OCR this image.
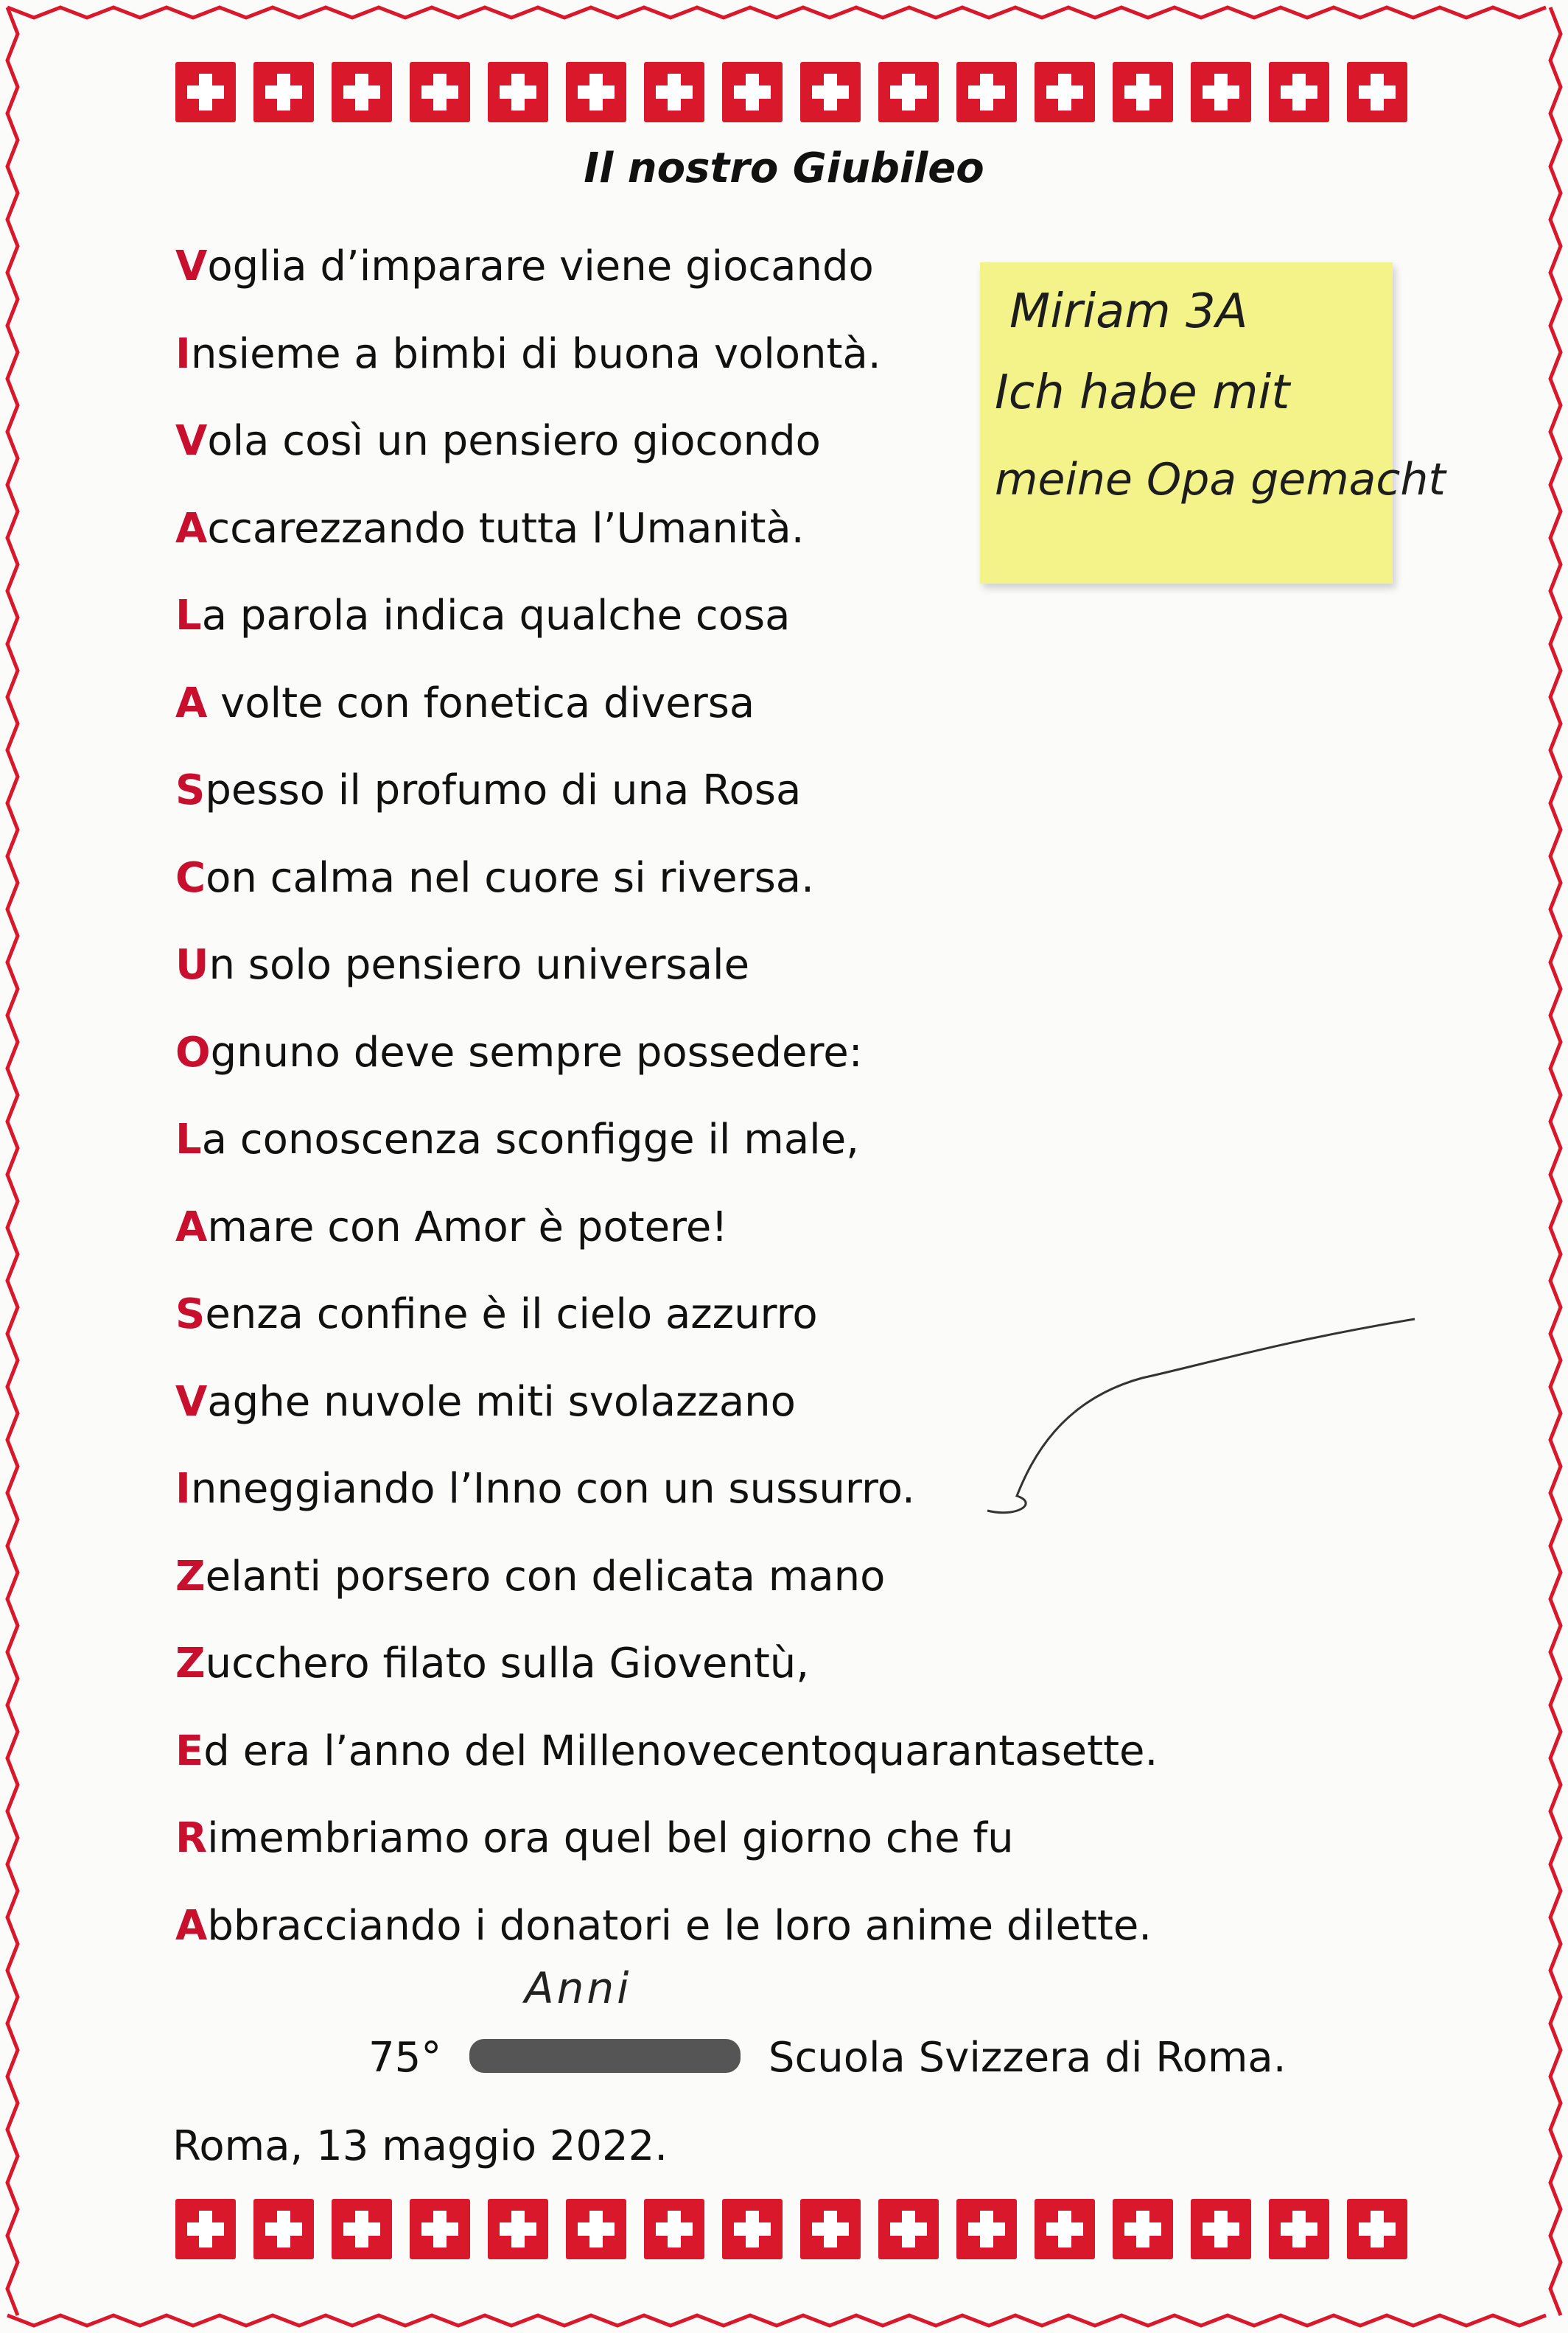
Il nostro Giubileo
Voglia d’imparare viene giocando
Insieme a bimbi di buona volontà.
Vola così un pensiero giocondo
Accarezzando tutta l’Umanità.
La parola indica qualche cosa
A volte con fonetica diversa
Spesso il profumo di una Rosa
Con calma nel cuore si riversa.
Un solo pensiero universale
Ognuno deve sempre possedere:
La conoscenza sconfigge il male,
Amare con Amor è potere!
Senza confine è il cielo azzurro
Vaghe nuvole miti svolazzano
Inneggiando l’Inno con un sussurro.
Zelanti porsero con delicata mano
Zucchero filato sulla Gioventù,
Ed era l’anno del Millenovecentoquarantasette.
Rimembriamo ora quel bel giorno che fu
Abbracciando i donatori e le loro anime dilette.
Miriam 3A
Ich habe mit
meine Opa gemacht
Anni
75°	Scuola Svizzera di Roma.
Roma, 13 maggio 2022.
